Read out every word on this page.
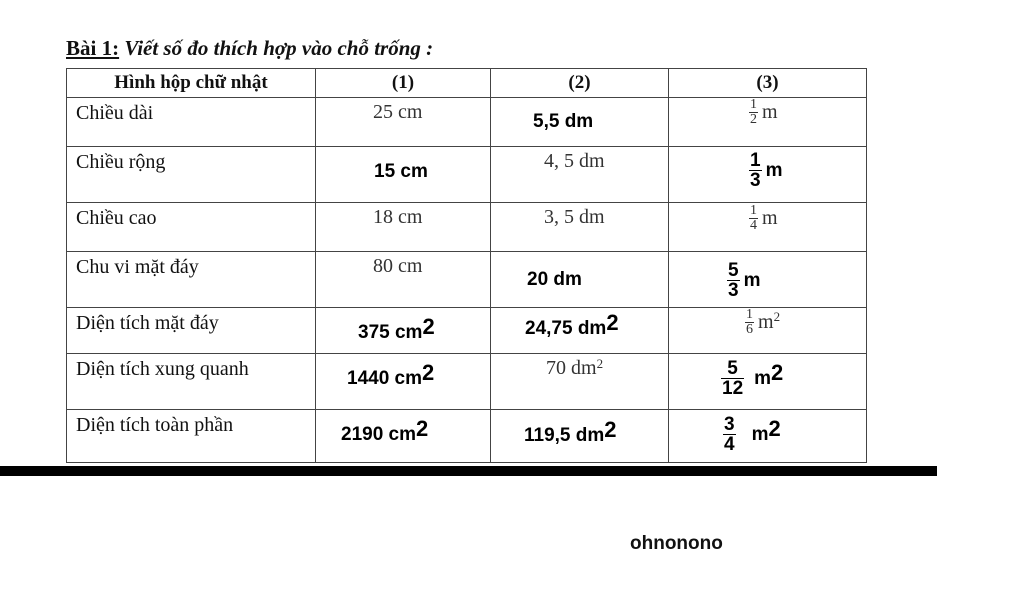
Bài 1: Viết số đo thích hợp vào chỗ trống :
Hình hộp chữ nhật	(1)	(2)	(3)
Chiều dài	25 cm	5,5 dm	$\frac{1}{2}$ m

Chiều rộng	15 cm	4, 5 dm	$\frac{1}{3}$ m

Chiều cao	18 cm	3, 5 dm	$\frac{1}{4}$ m

Chu vi mặt đáy	80 cm	20 dm	$\frac{5}{3}$ m

Diện tích mặt đáy	375 $cm^2$	24,75 $dm^2$	$\frac{1}{6} m^2$

Diện tích xung quanh	1440 $cm^2$	70 $dm^2$	$\frac{5}{12} m^2$

Diện tích toàn phần	2190 $cm^2$	119,5 $dm^2$	$\frac{3}{4} m^2$
ohnonono
